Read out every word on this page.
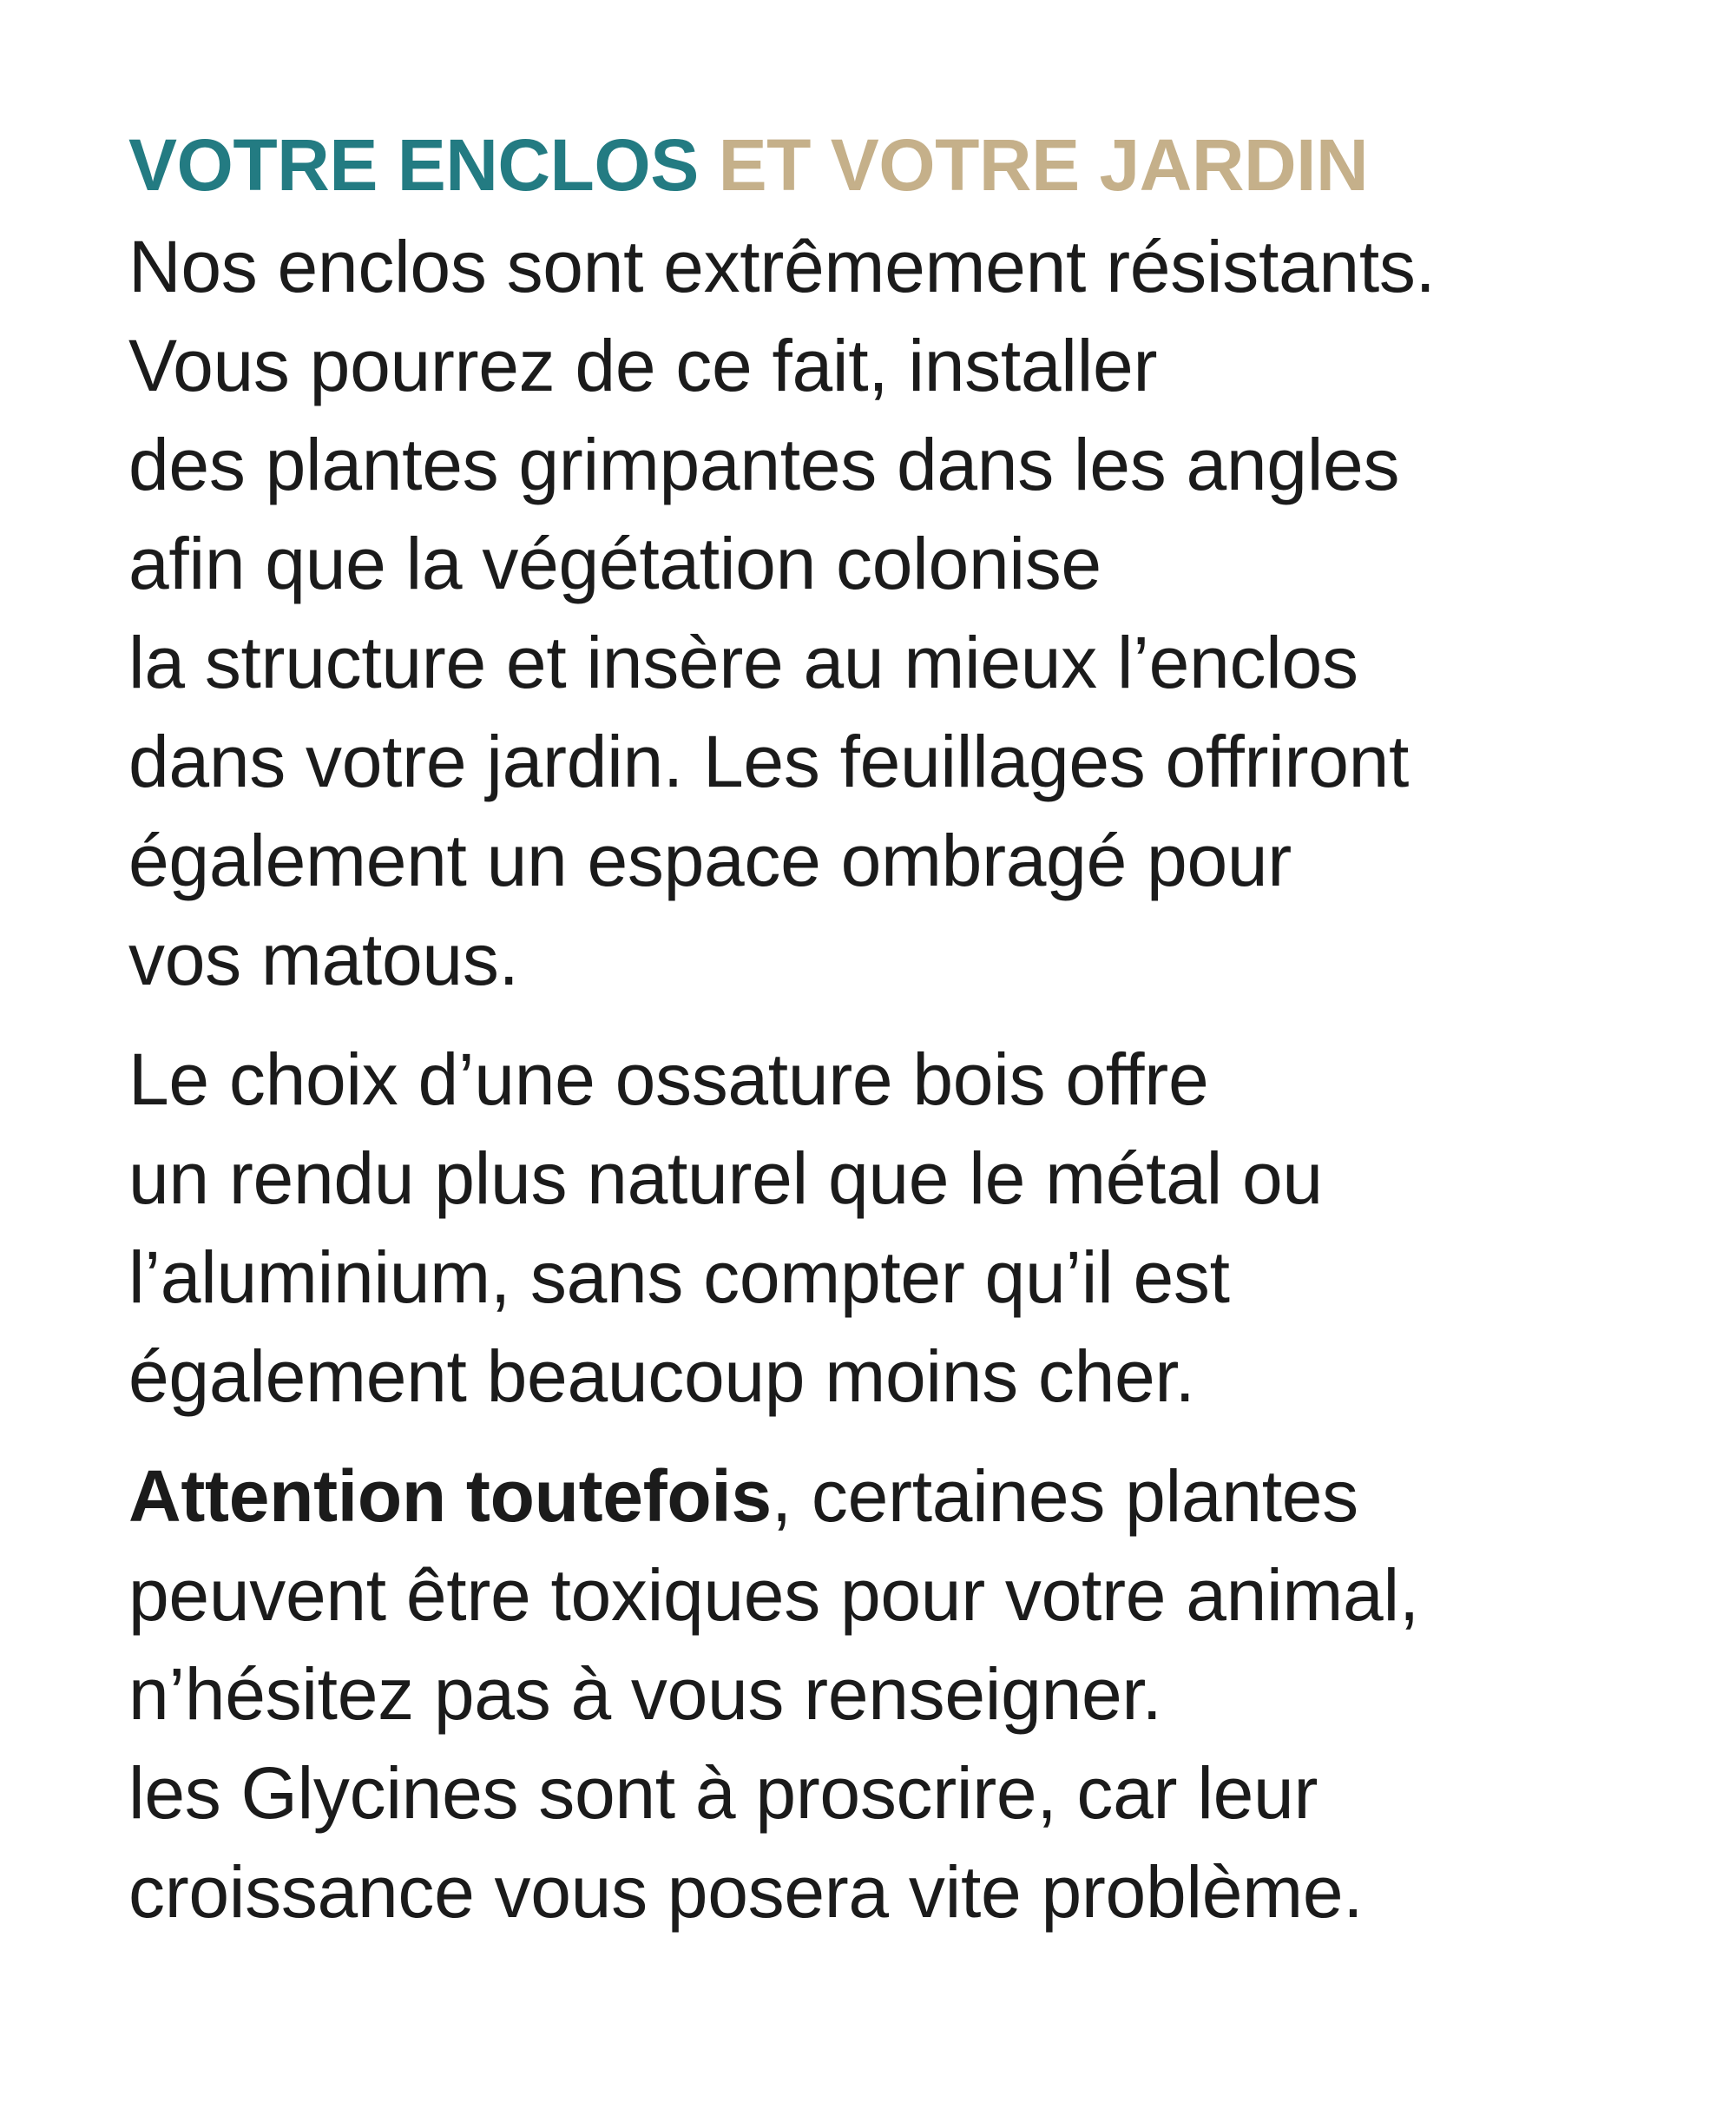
VOTRE ENCLOS ET VOTRE JARDIN

Nos enclos sont extrêmement résistants.
Vous pourrez de ce fait, installer
des plantes grimpantes dans les angles
afin que la végétation colonise
la structure et insère au mieux l’enclos
dans votre jardin. Les feuillages offriront
également un espace ombragé pour
vos matous.

Le choix d’une ossature bois offre
un rendu plus naturel que le métal ou
l’aluminium, sans compter qu’il est
également beaucoup moins cher.

Attention toutefois, certaines plantes
peuvent être toxiques pour votre animal,
n’hésitez pas à vous renseigner.
les Glycines sont à proscrire, car leur
croissance vous posera vite problème.
